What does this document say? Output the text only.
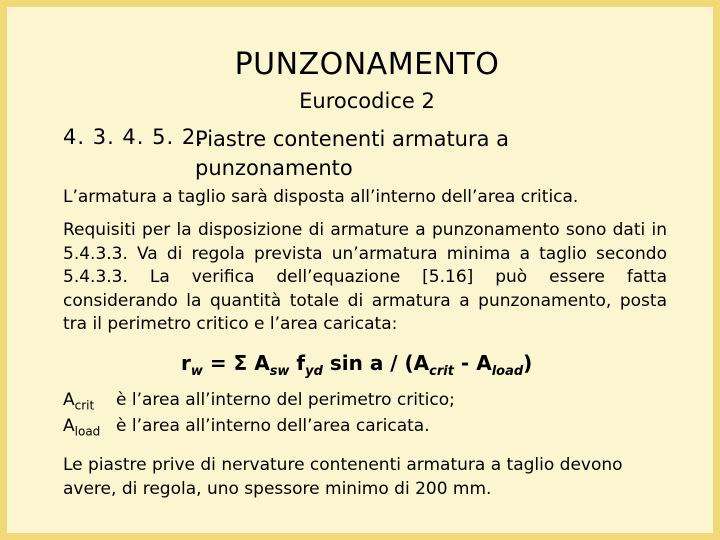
PUNZONAMENTO
Eurocodice 2
4. 3. 4. 5. 2.
Piastre contenenti armatura a punzonamento
L’armatura a taglio sarà disposta all’interno dell’area critica.
Requisiti per la disposizione di armature a punzonamento sono dati in 5.4.3.3. Va di regola prevista un’armatura minima a taglio secondo 5.4.3.3. La verifica dell’equazione [5.16] può essere fatta considerando la quantità totale di armatura a punzonamento, posta tra il perimetro critico e l’area caricata:
$r_w = \Sigma$ $A_{sw}$ $f_{yd}$ sin a / $(A_{crit} - A_{load})$
$A_{crit}$ è l’area all’interno del perimetro critico;
$A_{load}$ è l’area all’interno dell’area caricata.
Le piastre prive di nervature contenenti armatura a taglio devono avere, di regola, uno spessore minimo di 200 mm.
